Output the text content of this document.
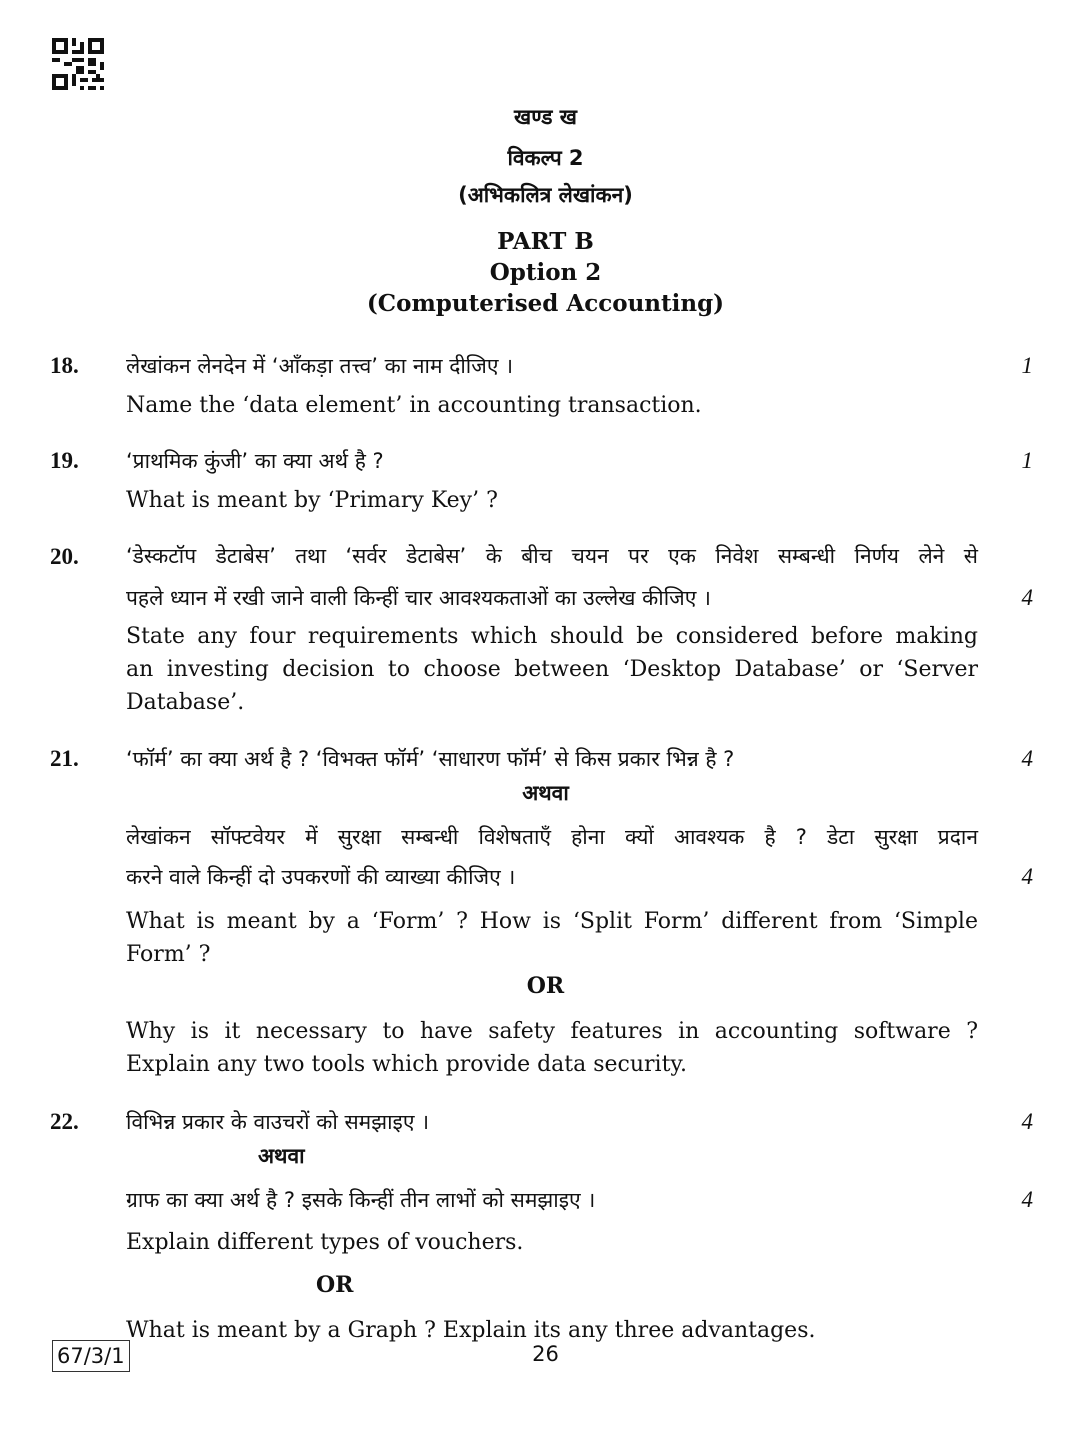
खण्ड ख
विकल्प 2
(अभिकलित्र लेखांकन)
PART B
Option 2
(Computerised Accounting)
18. लेखांकन लेनदेन में ‘आँकड़ा तत्त्व’ का नाम दीजिए ।	1
Name the ‘data element’ in accounting transaction.
19. ‘प्राथमिक कुंजी’ का क्या अर्थ है ?	1
What is meant by ‘Primary Key’ ?
20. ‘डेस्कटॉप डेटाबेस’ तथा ‘सर्वर डेटाबेस’ के बीच चयन पर एक निवेश सम्बन्धी निर्णय लेने से
पहले ध्यान में रखी जाने वाली किन्हीं चार आवश्यकताओं का उल्लेख कीजिए ।	4
State any four requirements which should be considered before making
an investing decision to choose between ‘Desktop Database’ or ‘Server
Database’.
21. ‘फॉर्म’ का क्या अर्थ है ? ‘विभक्त फॉर्म’ ‘साधारण फॉर्म’ से किस प्रकार भिन्न है ?	4
अथवा
लेखांकन सॉफ्टवेयर में सुरक्षा सम्बन्धी विशेषताएँ होना क्यों आवश्यक है ? डेटा सुरक्षा प्रदान
करने वाले किन्हीं दो उपकरणों की व्याख्या कीजिए ।	4
What is meant by a ‘Form’ ? How is ‘Split Form’ different from ‘Simple
Form’ ?
OR
Why is it necessary to have safety features in accounting software ?
Explain any two tools which provide data security.
22. विभिन्न प्रकार के वाउचरों को समझाइए ।	4
अथवा
ग्राफ का क्या अर्थ है ? इसके किन्हीं तीन लाभों को समझाइए ।	4
Explain different types of vouchers.
OR
What is meant by a Graph ? Explain its any three advantages.
67/3/1	26
